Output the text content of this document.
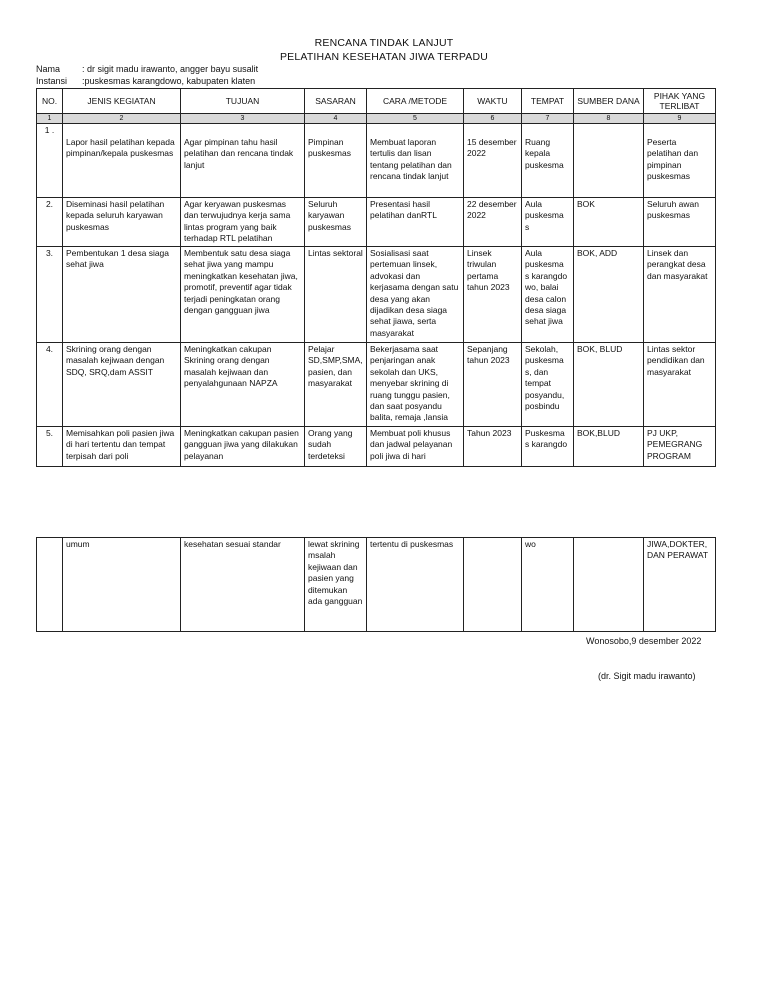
RENCANA TINDAK LANJUT
PELATIHAN KESEHATAN JIWA TERPADU
Nama : dr sigit madu irawanto, angger bayu susalit
Instansi :puskesmas karangdowo, kabupaten klaten
NO.	JENIS KEGIATAN	TUJUAN	SASARAN	CARA /METODE	WAKTU	TEMPAT	SUMBER DANA	PIHAK YANG TERLIBAT
1	2	3	4	5	6	7	8	9
1 .	Lapor hasil pelatihan kepada pimpinan/kepala puskesmas	Agar pimpinan tahu hasil pelatihan dan rencana tindak lanjut	Pimpinan puskesmas	Membuat laporan tertulis dan lisan tentang pelatihan dan rencana tindak lanjut	15 desember 2022	Ruang kepala puskesma		Peserta pelatihan dan pimpinan puskesmas

2.	Diseminasi hasil pelatihan kepada seluruh karyawan puskesmas	Agar keryawan puskesmas dan terwujudnya kerja sama lintas program yang baik terhadap RTL pelatihan	Seluruh karyawan puskesmas	Presentasi hasil pelatihan danRTL	22 desember 2022	Aula puskesma s	BOK	Seluruh awan puskesmas
3.	Pembentukan 1 desa siaga sehat jiwa	Membentuk satu desa siaga sehat jiwa yang mampu meningkatkan kesehatan jiwa, promotif, preventif agar tidak terjadi peningkatan orang dengan gangguan jiwa	Lintas sektoral	Sosialisasi saat pertemuan linsek, advokasi dan kerjasama dengan satu desa yang akan dijadikan desa siaga sehat jiawa, serta masyarakat	Linsek triwulan pertama tahun 2023	Aula puskesma s karangdo wo, balai desa calon desa siaga sehat jiwa	BOK, ADD	Linsek dan perangkat desa dan masyarakat
4.	Skrining orang dengan masalah kejiwaan dengan SDQ, SRQ,dam ASSIT	Meningkatkan cakupan Skrining orang dengan masalah kejiwaan dan penyalahgunaan NAPZA	Pelajar SD,SMP,SMA, pasien, dan masyarakat	Bekerjasama saat penjaringan anak sekolah dan UKS, menyebar skrining di ruang tunggu pasien, dan saat posyandu balita, remaja ,lansia	Sepanjang tahun 2023	Sekolah, puskesma s, dan tempat posyandu, posbindu	BOK, BLUD	Lintas sektor pendidikan dan masyarakat
5.	Memisahkan poli pasien jiwa di hari tertentu dan tempat terpisah dari poli	Meningkatkan cakupan pasien gangguan jiwa yang dilakukan pelayanan	Orang yang sudah terdeteksi	Membuat poli khusus dan jadwal pelayanan poli jiwa di hari	Tahun 2023	Puskesma s karangdo	BOK,BLUD	PJ UKP, PEMEGRANG PROGRAM
	umum	kesehatan sesuai standar	lewat skrining msalah kejiwaan dan pasien yang ditemukan ada gangguan	tertentu di puskesmas		wo		JIWA,DOKTER, DAN PERAWAT
Wonosobo,9 desember 2022
(dr. Sigit madu irawanto)
